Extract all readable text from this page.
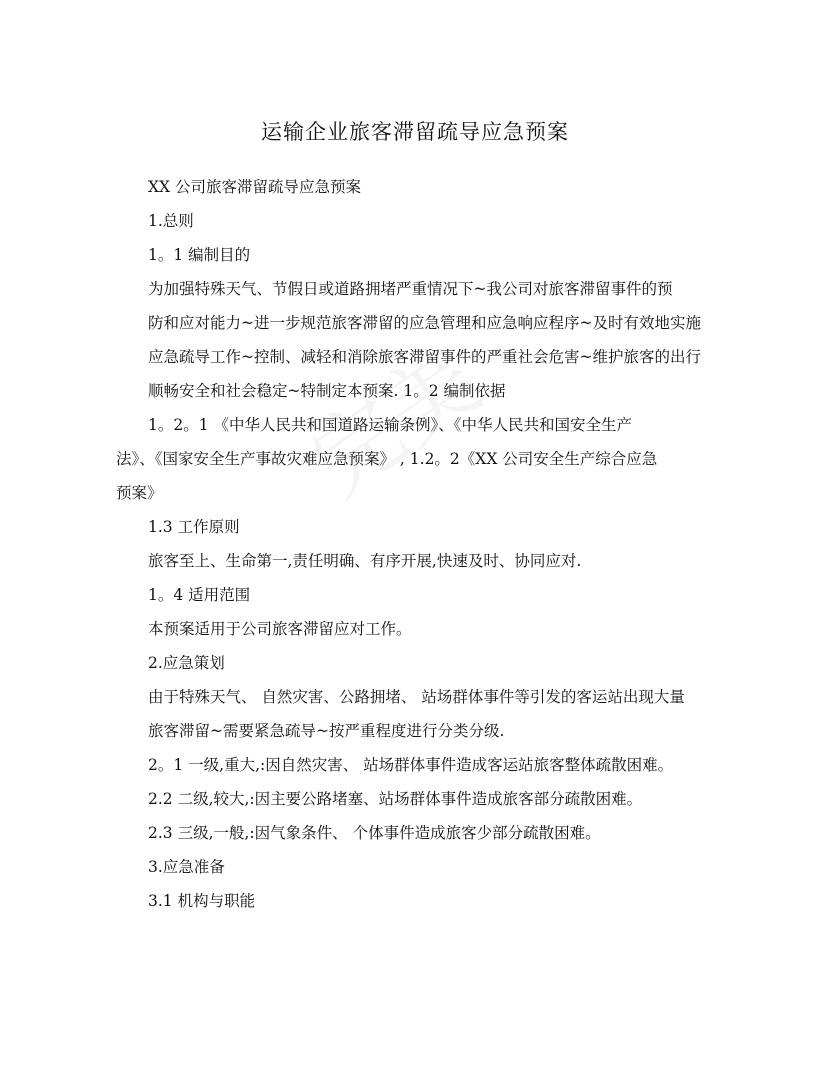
运输企业旅客滞留疏导应急预案
XX 公司旅客滞留疏导应急预案
1.总则
1。1 编制目的
为加强特殊天气、节假日或道路拥堵严重情况下~我公司对旅客滞留事件的预
防和应对能力~进一步规范旅客滞留的应急管理和应急响应程序~及时有效地实施
应急疏导工作~控制、减轻和消除旅客滞留事件的严重社会危害~维护旅客的出行
顺畅安全和社会稳定~特制定本预案. 1。2 编制依据
1。2。1 《中华人民共和国道路运输条例》、《中华人民共和国安全生产
法》、《国家安全生产事故灾难应急预案》 , 1.2。2《XX 公司安全生产综合应急
预案》
1.3 工作原则
旅客至上、生命第一,责任明确、有序开展,快速及时、协同应对.
1。4 适用范围
本预案适用于公司旅客滞留应对工作。
2.应急策划
由于特殊天气、 自然灾害、公路拥堵、 站场群体事件等引发的客运站出现大量
旅客滞留~需要紧急疏导~按严重程度进行分类分级.
2。1 一级,重大,:因自然灾害、 站场群体事件造成客运站旅客整体疏散困难。
2.2 二级,较大,:因主要公路堵塞、站场群体事件造成旅客部分疏散困难。
2.3 三级,一般,:因气象条件、 个体事件造成旅客少部分疏散困难。
3.应急准备
3.1 机构与职能
